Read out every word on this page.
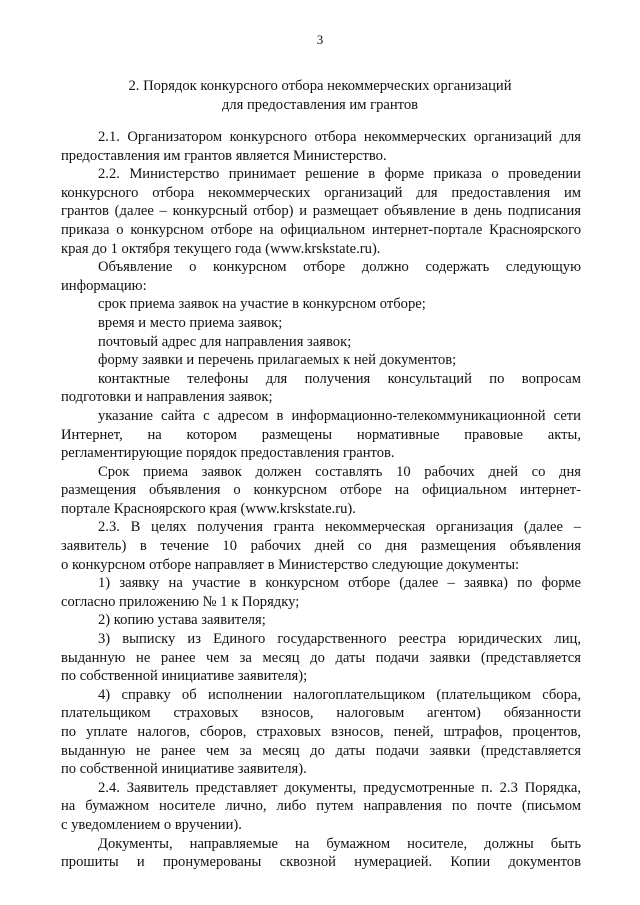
3
2. Порядок конкурсного отбора некоммерческих организаций
для предоставления им грантов
2.1. Организатором конкурсного отбора некоммерческих организаций для
предоставления им грантов является Министерство.
2.2. Министерство принимает решение в форме приказа о проведении
конкурсного отбора некоммерческих организаций для предоставления им
грантов (далее – конкурсный отбор) и размещает объявление в день подписания
приказа о конкурсном отборе на официальном интернет-портале Красноярского
края до 1 октября текущего года (www.krskstate.ru).
Объявление о конкурсном отборе должно содержать следующую
информацию:
срок приема заявок на участие в конкурсном отборе;
время и место приема заявок;
почтовый адрес для направления заявок;
форму заявки и перечень прилагаемых к ней документов;
контактные телефоны для получения консультаций по вопросам
подготовки и направления заявок;
указание сайта с адресом в информационно-телекоммуникационной сети
Интернет, на котором размещены нормативные правовые акты,
регламентирующие порядок предоставления грантов.
Срок приема заявок должен составлять 10 рабочих дней со дня
размещения объявления о конкурсном отборе на официальном интернет-
портале Красноярского края (www.krskstate.ru).
2.3. В целях получения гранта некоммерческая организация (далее –
заявитель) в течение 10 рабочих дней со дня размещения объявления
о конкурсном отборе направляет в Министерство следующие документы:
1) заявку на участие в конкурсном отборе (далее – заявка) по форме
согласно приложению № 1 к Порядку;
2) копию устава заявителя;
3) выписку из Единого государственного реестра юридических лиц,
выданную не ранее чем за месяц до даты подачи заявки (представляется
по собственной инициативе заявителя);
4) справку об исполнении налогоплательщиком (плательщиком сбора,
плательщиком страховых взносов, налоговым агентом) обязанности
по уплате налогов, сборов, страховых взносов, пеней, штрафов, процентов,
выданную не ранее чем за месяц до даты подачи заявки (представляется
по собственной инициативе заявителя).
2.4. Заявитель представляет документы, предусмотренные п. 2.3 Порядка,
на бумажном носителе лично, либо путем направления по почте (письмом
с уведомлением о вручении).
Документы, направляемые на бумажном носителе, должны быть
прошиты и пронумерованы сквозной нумерацией. Копии документов
